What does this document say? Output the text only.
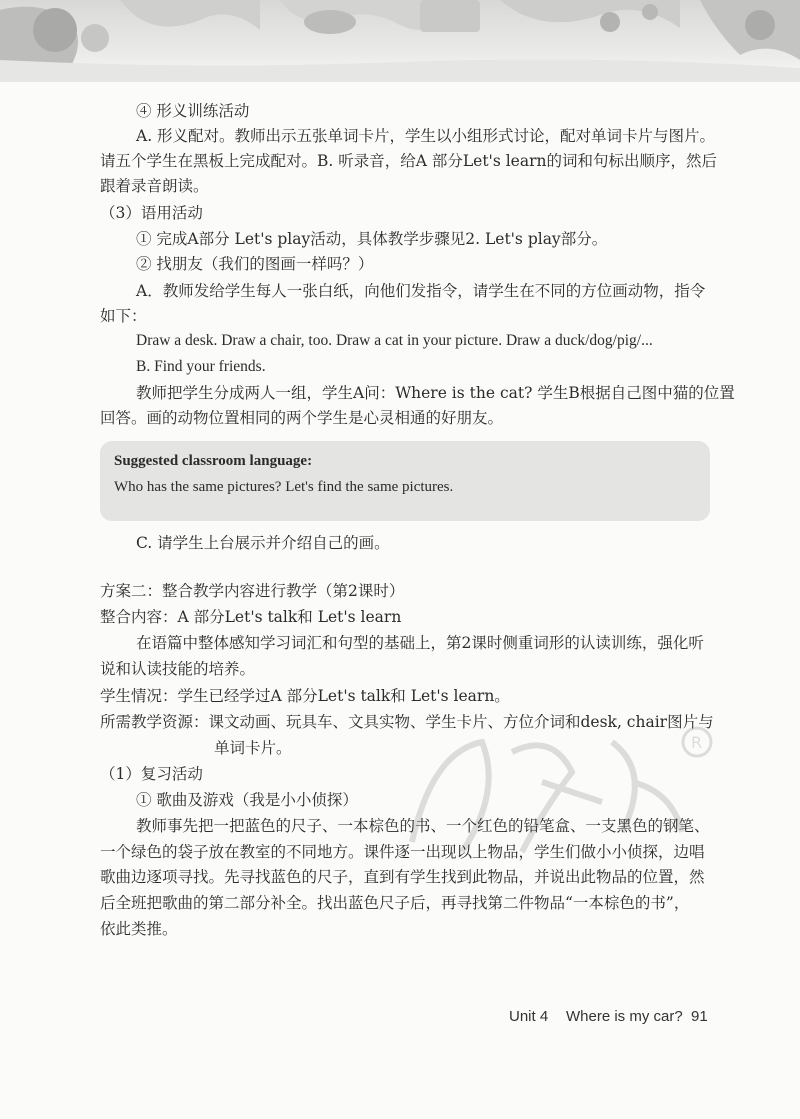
R

④ 形义训练活动

A. 形义配对。教师出示五张单词卡片，学生以小组形式讨论，配对单词卡片与图片。

请五个学生在黑板上完成配对。B. 听录音，给A 部分Let's learn的词和句标出顺序，然后

跟着录音朗读。

（3）语用活动

① 完成A部分 Let's play活动，具体教学步骤见2. Let's play部分。

② 找朋友（我们的图画一样吗？）

A．教师发给学生每人一张白纸，向他们发指令，请学生在不同的方位画动物，指令

如下：

Draw a desk. Draw a chair, too. Draw a cat in your picture. Draw a duck/dog/pig/...

B. Find your friends.

教师把学生分成两人一组，学生A问：Where is the cat? 学生B根据自己图中猫的位置

回答。画的动物位置相同的两个学生是心灵相通的好朋友。

Suggested classroom language:

Who has the same pictures? Let's find the same pictures.

C. 请学生上台展示并介绍自己的画。

方案二：整合教学内容进行教学（第2课时）

整合内容：A 部分Let's talk和 Let's learn

在语篇中整体感知学习词汇和句型的基础上，第2课时侧重词形的认读训练，强化听

说和认读技能的培养。

学生情况：学生已经学过A 部分Let's talk和 Let's learn。

所需教学资源：课文动画、玩具车、文具实物、学生卡片、方位介词和desk, chair图片与

单词卡片。

（1）复习活动

① 歌曲及游戏（我是小小侦探）

教师事先把一把蓝色的尺子、一本棕色的书、一个红色的铅笔盒、一支黑色的钢笔、

一个绿色的袋子放在教室的不同地方。课件逐一出现以上物品，学生们做小小侦探，边唱

歌曲边逐项寻找。先寻找蓝色的尺子，直到有学生找到此物品，并说出此物品的位置，然

后全班把歌曲的第二部分补全。找出蓝色尺子后，再寻找第二件物品“一本棕色的书”，

依此类推。

Unit 4 Where is my car? 91
